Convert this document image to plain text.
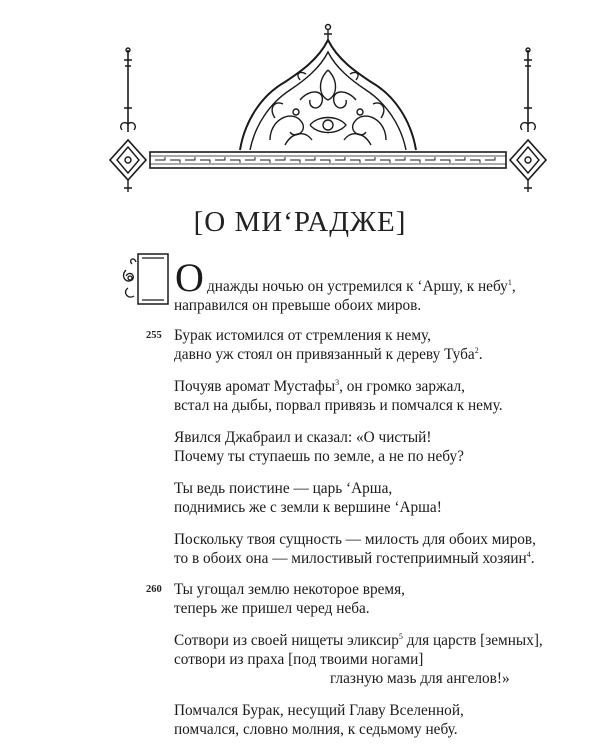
[О МИ‘РАДЖЕ]
О днажды ночью он устремился к ‘Аршу, к небу$^1$,
направился он превыше обоих миров.
255 Бурак истомился от стремления к нему,
давно уж стоял он привязанный к дереву Туба$^2$.
Почуяв аромат Мустафы$^3$, он громко заржал,
встал на дыбы, порвал привязь и помчался к нему.
Явился Джабраил и сказал: «О чистый!
Почему ты ступаешь по земле, а не по небу?
Ты ведь поистине — царь ‘Арша,
поднимись же с земли к вершине ‘Арша!
Поскольку твоя сущность — милость для обоих миров,
то в обоих она — милостивый гостеприимный хозяин$^4$.
260 Ты угощал землю некоторое время,
теперь же пришел черед неба.
Сотвори из своей нищеты эликсир$^5$ для царств [земных],
сотвори из праха [под твоими ногами]
глазную мазь для ангелов!»
Помчался Бурак, несущий Главу Вселенной,
помчался, словно молния, к седьмому небу.
